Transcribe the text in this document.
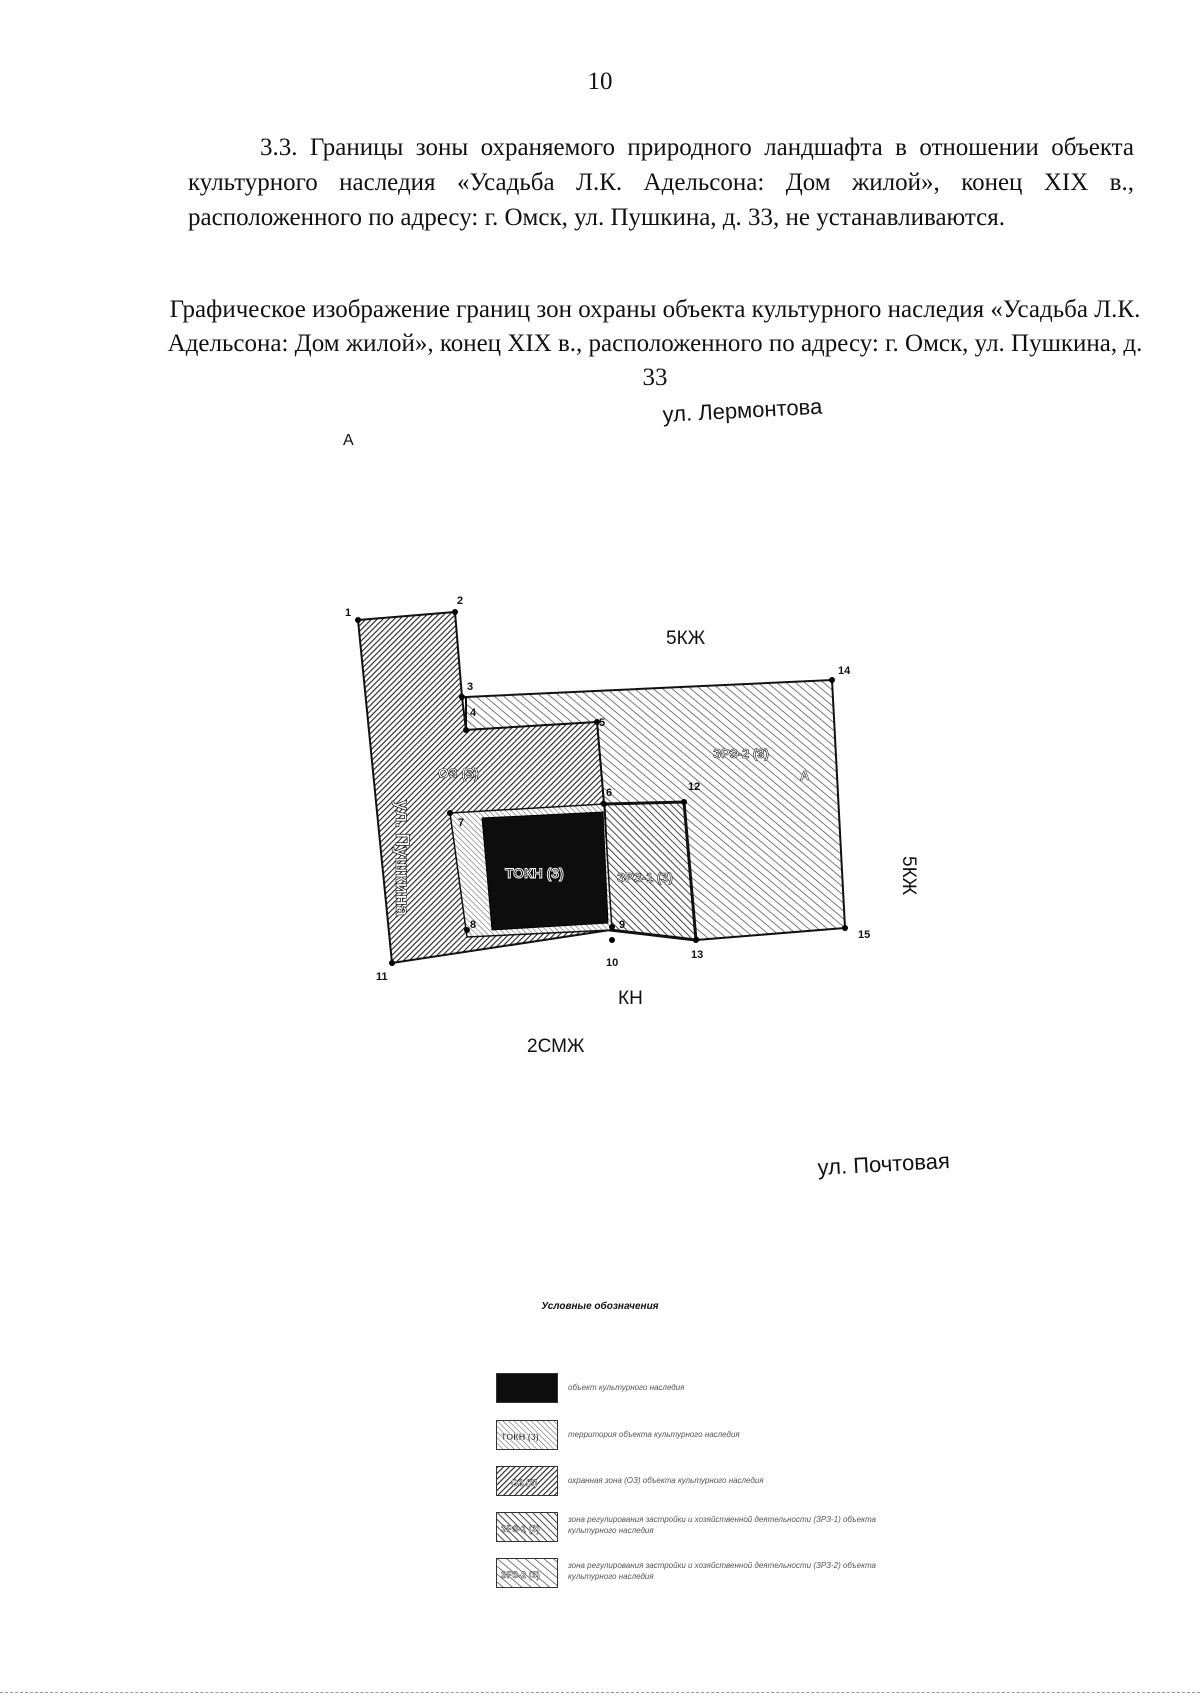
10

3.3. Границы зоны охраняемого природного ландшафта в отношении объекта культурного наследия «Усадьба Л.К. Адельсона: Дом жилой», конец XIX в., расположенного по адресу: г. Омск, ул. Пушкина, д. 33, не устанавливаются.

Графическое изображение границ зон охраны объекта культурного наследия «Усадьба Л.К. Адельсона: Дом жилой», конец XIX в., расположенного по адресу: г. Омск, ул. Пушкина, д. 33

А
ул. Лермонтова
1
2
3
4
5
6
7
8	9
10
11
12
13
14
15
ОЗ (3)
ТОКН (3)	ЗРЗ-1 (3)
ЗРЗ-2 (3)
А
ул. Пушкина	5КЖ
5КЖ
КН
2СМЖ
ул. Почтовая
Условные обозначения
объект культурного наследия
ТОКН (3)	территория объекта культурного наследия
ОЗ (3)	охранная зона (ОЗ) объекта культурного наследия
ЗРЗ-1 (3)
зона регулирования застройки и хозяйственной деятельности (ЗРЗ-1) объекта культурного наследия
ЗРЗ-2 (3)
зона регулирования застройки и хозяйственной деятельности (ЗРЗ-2) объекта культурного наследия
